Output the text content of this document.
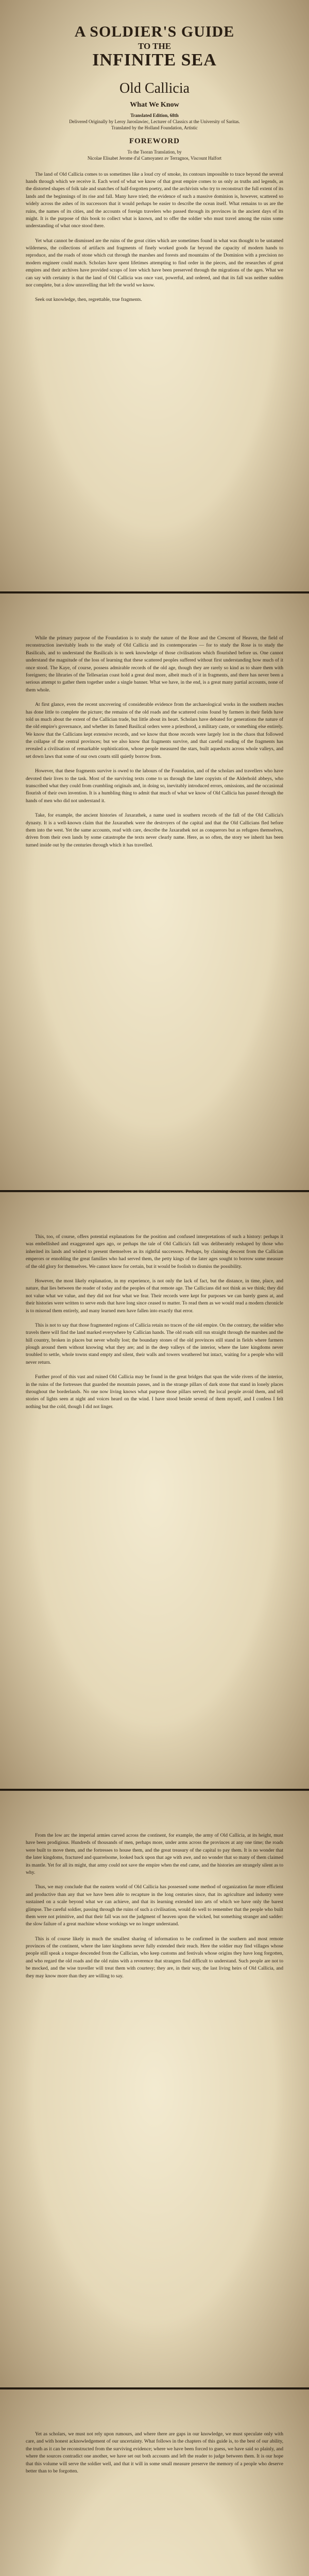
A SOLDIER'S GUIDE
TO THE
INFINITE SEA
Old Callicia
What We Know
Translated Edition, 68th
Delivered Originally by Leroy Jaroslawiec, Lecturer of Classics at the University of Saritas.
Translated by the Holland Foundation, Artistic
FOREWORD
To the Tsoran Translation, by
Nicolae Elisabet Jerome d'al Camoyanez av Terragnos, Viscount Halfort

The land of Old Callicia comes to us sometimes like a loud cry of smoke, its contours impossible to trace beyond the several hands through which we receive it. Each word of what we know of that great empire comes to us only as truths and legends, as the distorted shapes of folk tale and snatches of half-forgotten poetry, and the archivists who try to reconstruct the full extent of its lands and the beginnings of its rise and fall. Many have tried; the evidence of such a massive dominion is, however, scattered so widely across the ashes of its successors that it would perhaps be easier to describe the ocean itself. What remains to us are the ruins, the names of its cities, and the accounts of foreign travelers who passed through its provinces in the ancient days of its might. It is the purpose of this book to collect what is known, and to offer the soldier who must travel among the ruins some understanding of what once stood there.

Yet what cannot be dismissed are the ruins of the great cities which are sometimes found in what was thought to be untamed wilderness, the collections of artifacts and fragments of finely worked goods far beyond the capacity of modern hands to reproduce, and the roads of stone which cut through the marshes and forests and mountains of the Dominion with a precision no modern engineer could match. Scholars have spent lifetimes attempting to find order in the pieces, and the researches of great empires and their archives have provided scraps of lore which have been preserved through the migrations of the ages. What we can say with certainty is that the land of Old Callicia was once vast, powerful, and ordered, and that its fall was neither sudden nor complete, but a slow unravelling that left the world we know.

Seek out knowledge, then, regrettable, true fragments.

While the primary purpose of the Foundation is to study the nature of the Rose and the Crescent of Heaven, the field of reconstruction inevitably leads to the study of Old Callicia and its contemporaries — for to study the Rose is to study the Basilicals, and to understand the Basilicals is to seek knowledge of those civilisations which flourished before us. One cannot understand the magnitude of the loss of learning that these scattered peoples suffered without first understanding how much of it once stood. The Kaye, of course, possess admirable records of the old age, though they are rarely so kind as to share them with foreigners; the libraries of the Tellesarian coast hold a great deal more, albeit much of it in fragments, and there has never been a serious attempt to gather them together under a single banner. What we have, in the end, is a great many partial accounts, none of them whole.

At first glance, even the recent uncovering of considerable evidence from the archaeological works in the southern reaches has done little to complete the picture; the remains of the old roads and the scattered coins found by farmers in their fields have told us much about the extent of the Callician trade, but little about its heart. Scholars have debated for generations the nature of the old empire's governance, and whether its famed Basilical orders were a priesthood, a military caste, or something else entirely. We know that the Callicians kept extensive records, and we know that those records were largely lost in the chaos that followed the collapse of the central provinces; but we also know that fragments survive, and that careful reading of the fragments has revealed a civilisation of remarkable sophistication, whose people measured the stars, built aqueducts across whole valleys, and set down laws that some of our own courts still quietly borrow from.

However, that these fragments survive is owed to the labours of the Foundation, and of the scholars and travellers who have devoted their lives to the task. Most of the surviving texts come to us through the later copyists of the Alderhold abbeys, who transcribed what they could from crumbling originals and, in doing so, inevitably introduced errors, omissions, and the occasional flourish of their own invention. It is a humbling thing to admit that much of what we know of Old Callicia has passed through the hands of men who did not understand it.

Take, for example, the ancient histories of Jaxarathek, a name used in southern records of the fall of the Old Callicia's dynasty. It is a well-known claim that the Jaxarathek were the destroyers of the capital and that the Old Callicians fled before them into the west. Yet the same accounts, read with care, describe the Jaxarathek not as conquerors but as refugees themselves, driven from their own lands by some catastrophe the texts never clearly name. Here, as so often, the story we inherit has been turned inside out by the centuries through which it has travelled.

This, too, of course, offers potential explanations for the position and confused interpretations of such a history: perhaps it was embellished and exaggerated ages ago, or perhaps the tale of Old Callicia's fall was deliberately reshaped by those who inherited its lands and wished to present themselves as its rightful successors. Perhaps, by claiming descent from the Callician emperors or ennobling the great families who had served them, the petty kings of the later ages sought to borrow some measure of the old glory for themselves. We cannot know for certain, but it would be foolish to dismiss the possibility.

However, the most likely explanation, in my experience, is not only the lack of fact, but the distance, in time, place, and nature, that lies between the reader of today and the peoples of that remote age. The Callicians did not think as we think; they did not value what we value, and they did not fear what we fear. Their records were kept for purposes we can barely guess at, and their histories were written to serve ends that have long since ceased to matter. To read them as we would read a modern chronicle is to misread them entirely, and many learned men have fallen into exactly that error.

This is not to say that those fragmented regions of Callicia retain no traces of the old empire. On the contrary, the soldier who travels there will find the land marked everywhere by Callician hands. The old roads still run straight through the marshes and the hill country, broken in places but never wholly lost; the boundary stones of the old provinces still stand in fields where farmers plough around them without knowing what they are; and in the deep valleys of the interior, where the later kingdoms never troubled to settle, whole towns stand empty and silent, their walls and towers weathered but intact, waiting for a people who will never return.

Further proof of this vast and ruined Old Callicia may be found in the great bridges that span the wide rivers of the interior, in the ruins of the fortresses that guarded the mountain passes, and in the strange pillars of dark stone that stand in lonely places throughout the borderlands. No one now living knows what purpose those pillars served; the local people avoid them, and tell stories of lights seen at night and voices heard on the wind. I have stood beside several of them myself, and I confess I felt nothing but the cold, though I did not linger.

From the low arc the imperial armies carved across the continent, for example, the army of Old Callicia, at its height, must have been prodigious. Hundreds of thousands of men, perhaps more, under arms across the provinces at any one time; the roads were built to move them, and the fortresses to house them, and the great treasury of the capital to pay them. It is no wonder that the later kingdoms, fractured and quarrelsome, looked back upon that age with awe, and no wonder that so many of them claimed its mantle. Yet for all its might, that army could not save the empire when the end came, and the histories are strangely silent as to why.

Thus, we may conclude that the eastern world of Old Callicia has possessed some method of organization far more efficient and productive than any that we have been able to recapture in the long centuries since, that its agriculture and industry were sustained on a scale beyond what we can achieve, and that its learning extended into arts of which we have only the barest glimpse. The careful soldier, passing through the ruins of such a civilisation, would do well to remember that the people who built them were not primitive, and that their fall was not the judgment of heaven upon the wicked, but something stranger and sadder: the slow failure of a great machine whose workings we no longer understand.

This is of course likely in much the smallest sharing of information to be confirmed in the southern and most remote provinces of the continent, where the later kingdoms never fully extended their reach. Here the soldier may find villages whose people still speak a tongue descended from the Callician, who keep customs and festivals whose origins they have long forgotten, and who regard the old roads and the old ruins with a reverence that strangers find difficult to understand. Such people are not to be mocked, and the wise traveller will treat them with courtesy; they are, in their way, the last living heirs of Old Callicia, and they may know more than they are willing to say.

Yet as scholars, we must not rely upon rumours, and where there are gaps in our knowledge, we must speculate only with care, and with honest acknowledgement of our uncertainty. What follows in the chapters of this guide is, to the best of our ability, the truth as it can be reconstructed from the surviving evidence; where we have been forced to guess, we have said so plainly, and where the sources contradict one another, we have set out both accounts and left the reader to judge between them. It is our hope that this volume will serve the soldier well, and that it will in some small measure preserve the memory of a people who deserve better than to be forgotten.
